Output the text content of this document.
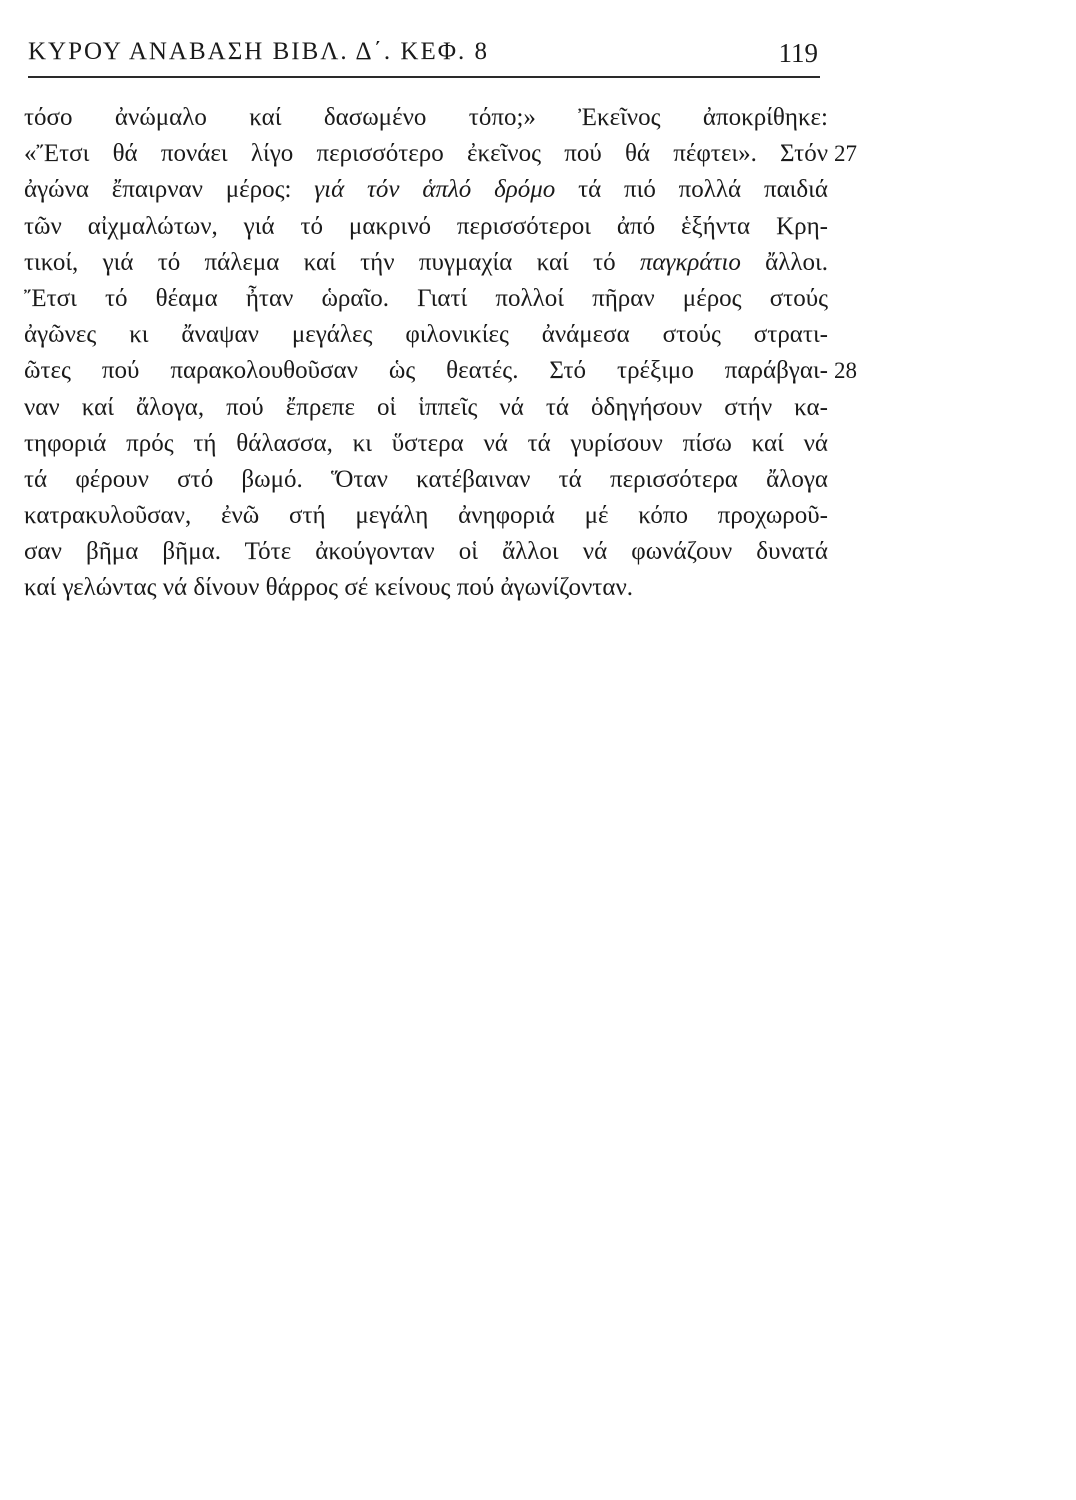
ΚΥΡΟΥ ΑΝΑΒΑΣΗ ΒΙΒΛ. Δ΄. ΚΕΦ. 8	119
τόσο ἀνώμαλο καί δασωμένο τόπο;» Ἐκεῖνος ἀποκρίθηκε:
«Ἔτσι θά πονάει λίγο περισσότερο ἐκεῖνος πού θά πέφτει». Στόν 27
ἀγώνα ἔπαιρναν μέρος: γιά τόν ἁπλό δρόμο τά πιό πολλά παιδιά
τῶν αἰχμαλώτων, γιά τό μακρινό περισσότεροι ἀπό ἑξήντα Κρη-
τικοί, γιά τό πάλεμα καί τήν πυγμαχία καί τό παγκράτιο ἄλλοι.
Ἔτσι τό θέαμα ἦταν ὡραῖο. Γιατί πολλοί πῆραν μέρος στούς
ἀγῶνες κι ἄναψαν μεγάλες φιλονικίες ἀνάμεσα στούς στρατι-
ῶτες πού παρακολουθοῦσαν ὡς θεατές. Στό τρέξιμο παράβγαι- 28
ναν καί ἄλογα, πού ἔπρεπε οἱ ἱππεῖς νά τά ὁδηγήσουν στήν κα-
τηφοριά πρός τή θάλασσα, κι ὕστερα νά τά γυρίσουν πίσω καί νά
τά φέρουν στό βωμό. Ὅταν κατέβαιναν τά περισσότερα ἄλογα
κατρακυλοῦσαν, ἐνῶ στή μεγάλη ἀνηφοριά μέ κόπο προχωροῦ-
σαν βῆμα βῆμα. Τότε ἀκούγονταν οἱ ἄλλοι νά φωνάζουν δυνατά
καί γελώντας νά δίνουν θάρρος σέ κείνους πού ἀγωνίζονταν.
